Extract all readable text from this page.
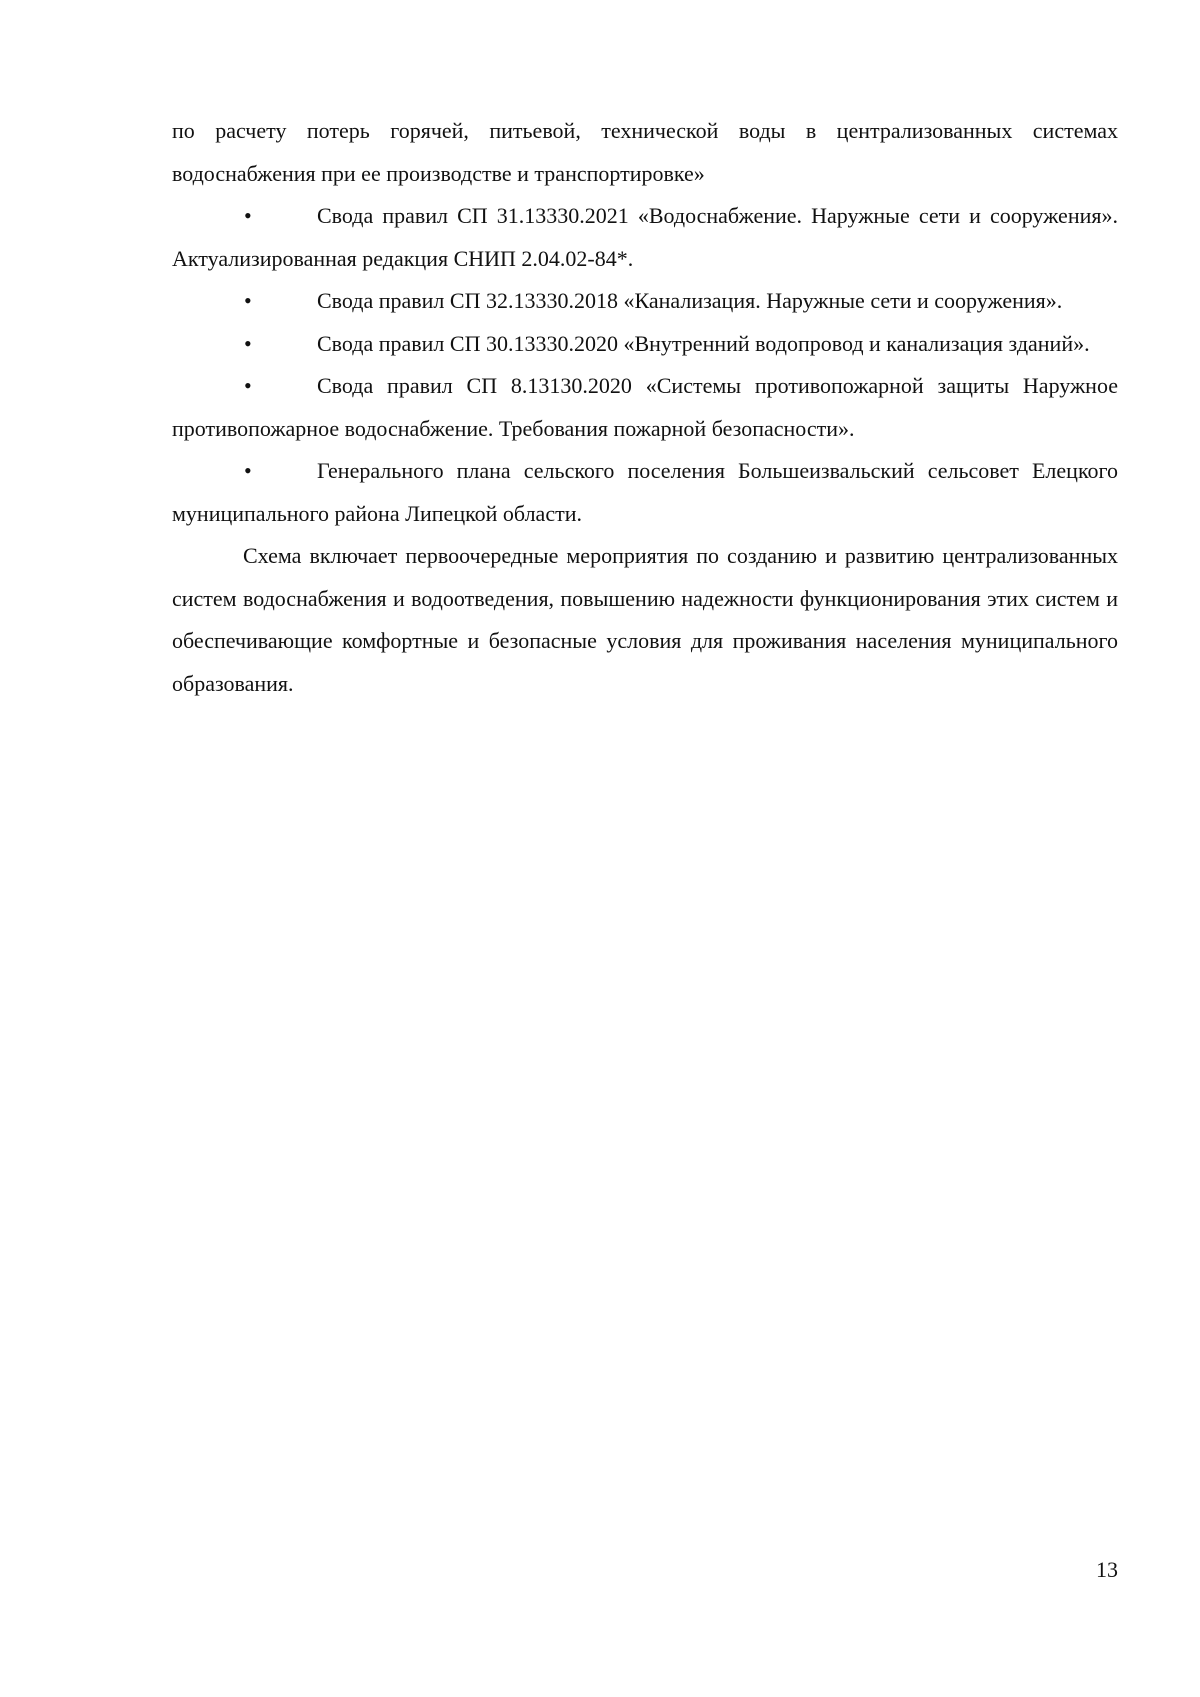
по расчету потерь горячей, питьевой, технической воды в централизованных системах водоснабжения при ее производстве и транспортировке»

•	Свода правил СП 31.13330.2021 «Водоснабжение. Наружные сети и сооружения». Актуализированная редакция СНИП 2.04.02-84*.

•	Свода правил СП 32.13330.2018 «Канализация. Наружные сети и сооружения».

•	Свода правил СП 30.13330.2020 «Внутренний водопровод и канализация зданий».

•	Свода правил СП 8.13130.2020 «Системы противопожарной защиты Наружное противопожарное водоснабжение. Требования пожарной безопасности».

•	Генерального плана сельского поселения Большеизвальский сельсовет Елецкого муниципального района Липецкой области.

Схема включает первоочередные мероприятия по созданию и развитию централизованных систем водоснабжения и водоотведения, повышению надежности функционирования этих систем и обеспечивающие комфортные и безопасные условия для проживания населения муниципального образования.

13
